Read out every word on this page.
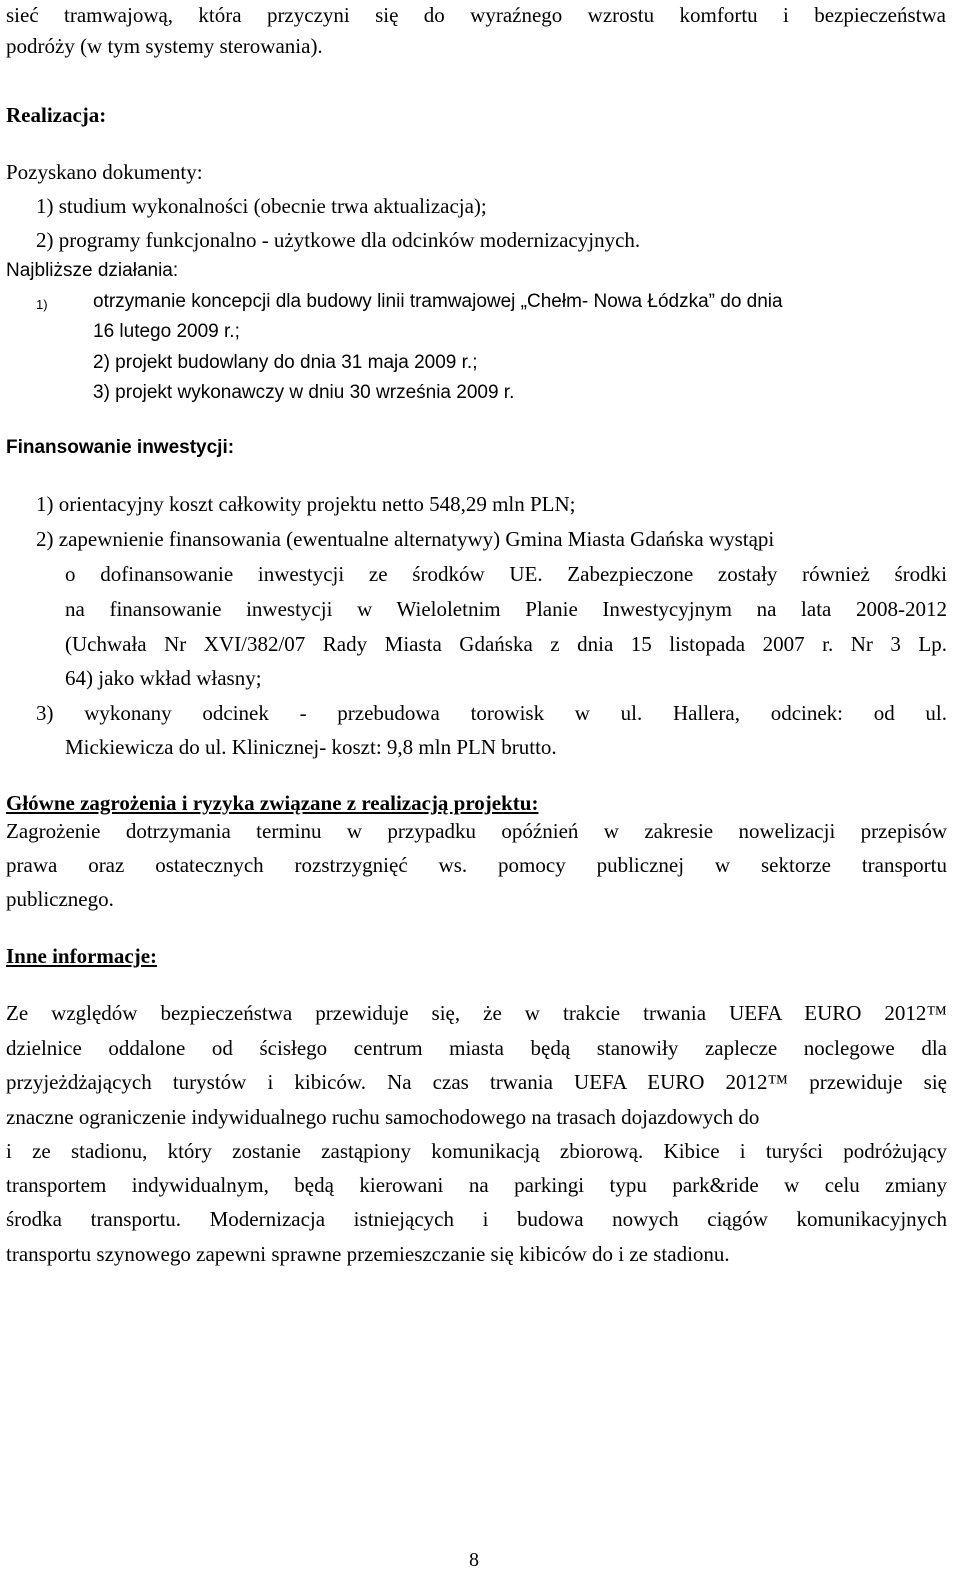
sieć tramwajową, która przyczyni się do wyraźnego wzrostu komfortu i bezpieczeństwa
podróży (w tym systemy sterowania).
Realizacja:
Pozyskano dokumenty:
1) studium wykonalności (obecnie trwa aktualizacja);
2) programy funkcjonalno - użytkowe dla odcinków modernizacyjnych.
Najbliższe działania:
1) otrzymanie koncepcji dla budowy linii tramwajowej „Chełm- Nowa Łódzka” do dnia
16 lutego 2009 r.;
2) projekt budowlany do dnia 31 maja 2009 r.;
3) projekt wykonawczy w dniu 30 września 2009 r.
Finansowanie inwestycji:
1) orientacyjny koszt całkowity projektu netto 548,29 mln PLN;
2) zapewnienie finansowania (ewentualne alternatywy) Gmina Miasta Gdańska wystąpi
o dofinansowanie inwestycji ze środków UE. Zabezpieczone zostały również środki
na finansowanie inwestycji w Wieloletnim Planie Inwestycyjnym na lata 2008-2012
(Uchwała Nr XVI/382/07 Rady Miasta Gdańska z dnia 15 listopada 2007 r. Nr 3 Lp.
64) jako wkład własny;
3) wykonany odcinek - przebudowa torowisk w ul. Hallera, odcinek: od ul.
Mickiewicza do ul. Klinicznej- koszt: 9,8 mln PLN brutto.
Główne zagrożenia i ryzyka związane z realizacją projektu:
Zagrożenie dotrzymania terminu w przypadku opóźnień w zakresie nowelizacji przepisów
prawa oraz ostatecznych rozstrzygnięć ws. pomocy publicznej w sektorze transportu
publicznego.
Inne informacje:
Ze względów bezpieczeństwa przewiduje się, że w trakcie trwania UEFA EURO 2012™
dzielnice oddalone od ścisłego centrum miasta będą stanowiły zaplecze noclegowe dla
przyjeżdżających turystów i kibiców. Na czas trwania UEFA EURO 2012™ przewiduje się
znaczne ograniczenie indywidualnego ruchu samochodowego na trasach dojazdowych do
i ze stadionu, który zostanie zastąpiony komunikacją zbiorową. Kibice i turyści podróżujący
transportem indywidualnym, będą kierowani na parkingi typu park&ride w celu zmiany
środka transportu. Modernizacja istniejących i budowa nowych ciągów komunikacyjnych
transportu szynowego zapewni sprawne przemieszczanie się kibiców do i ze stadionu.
8
